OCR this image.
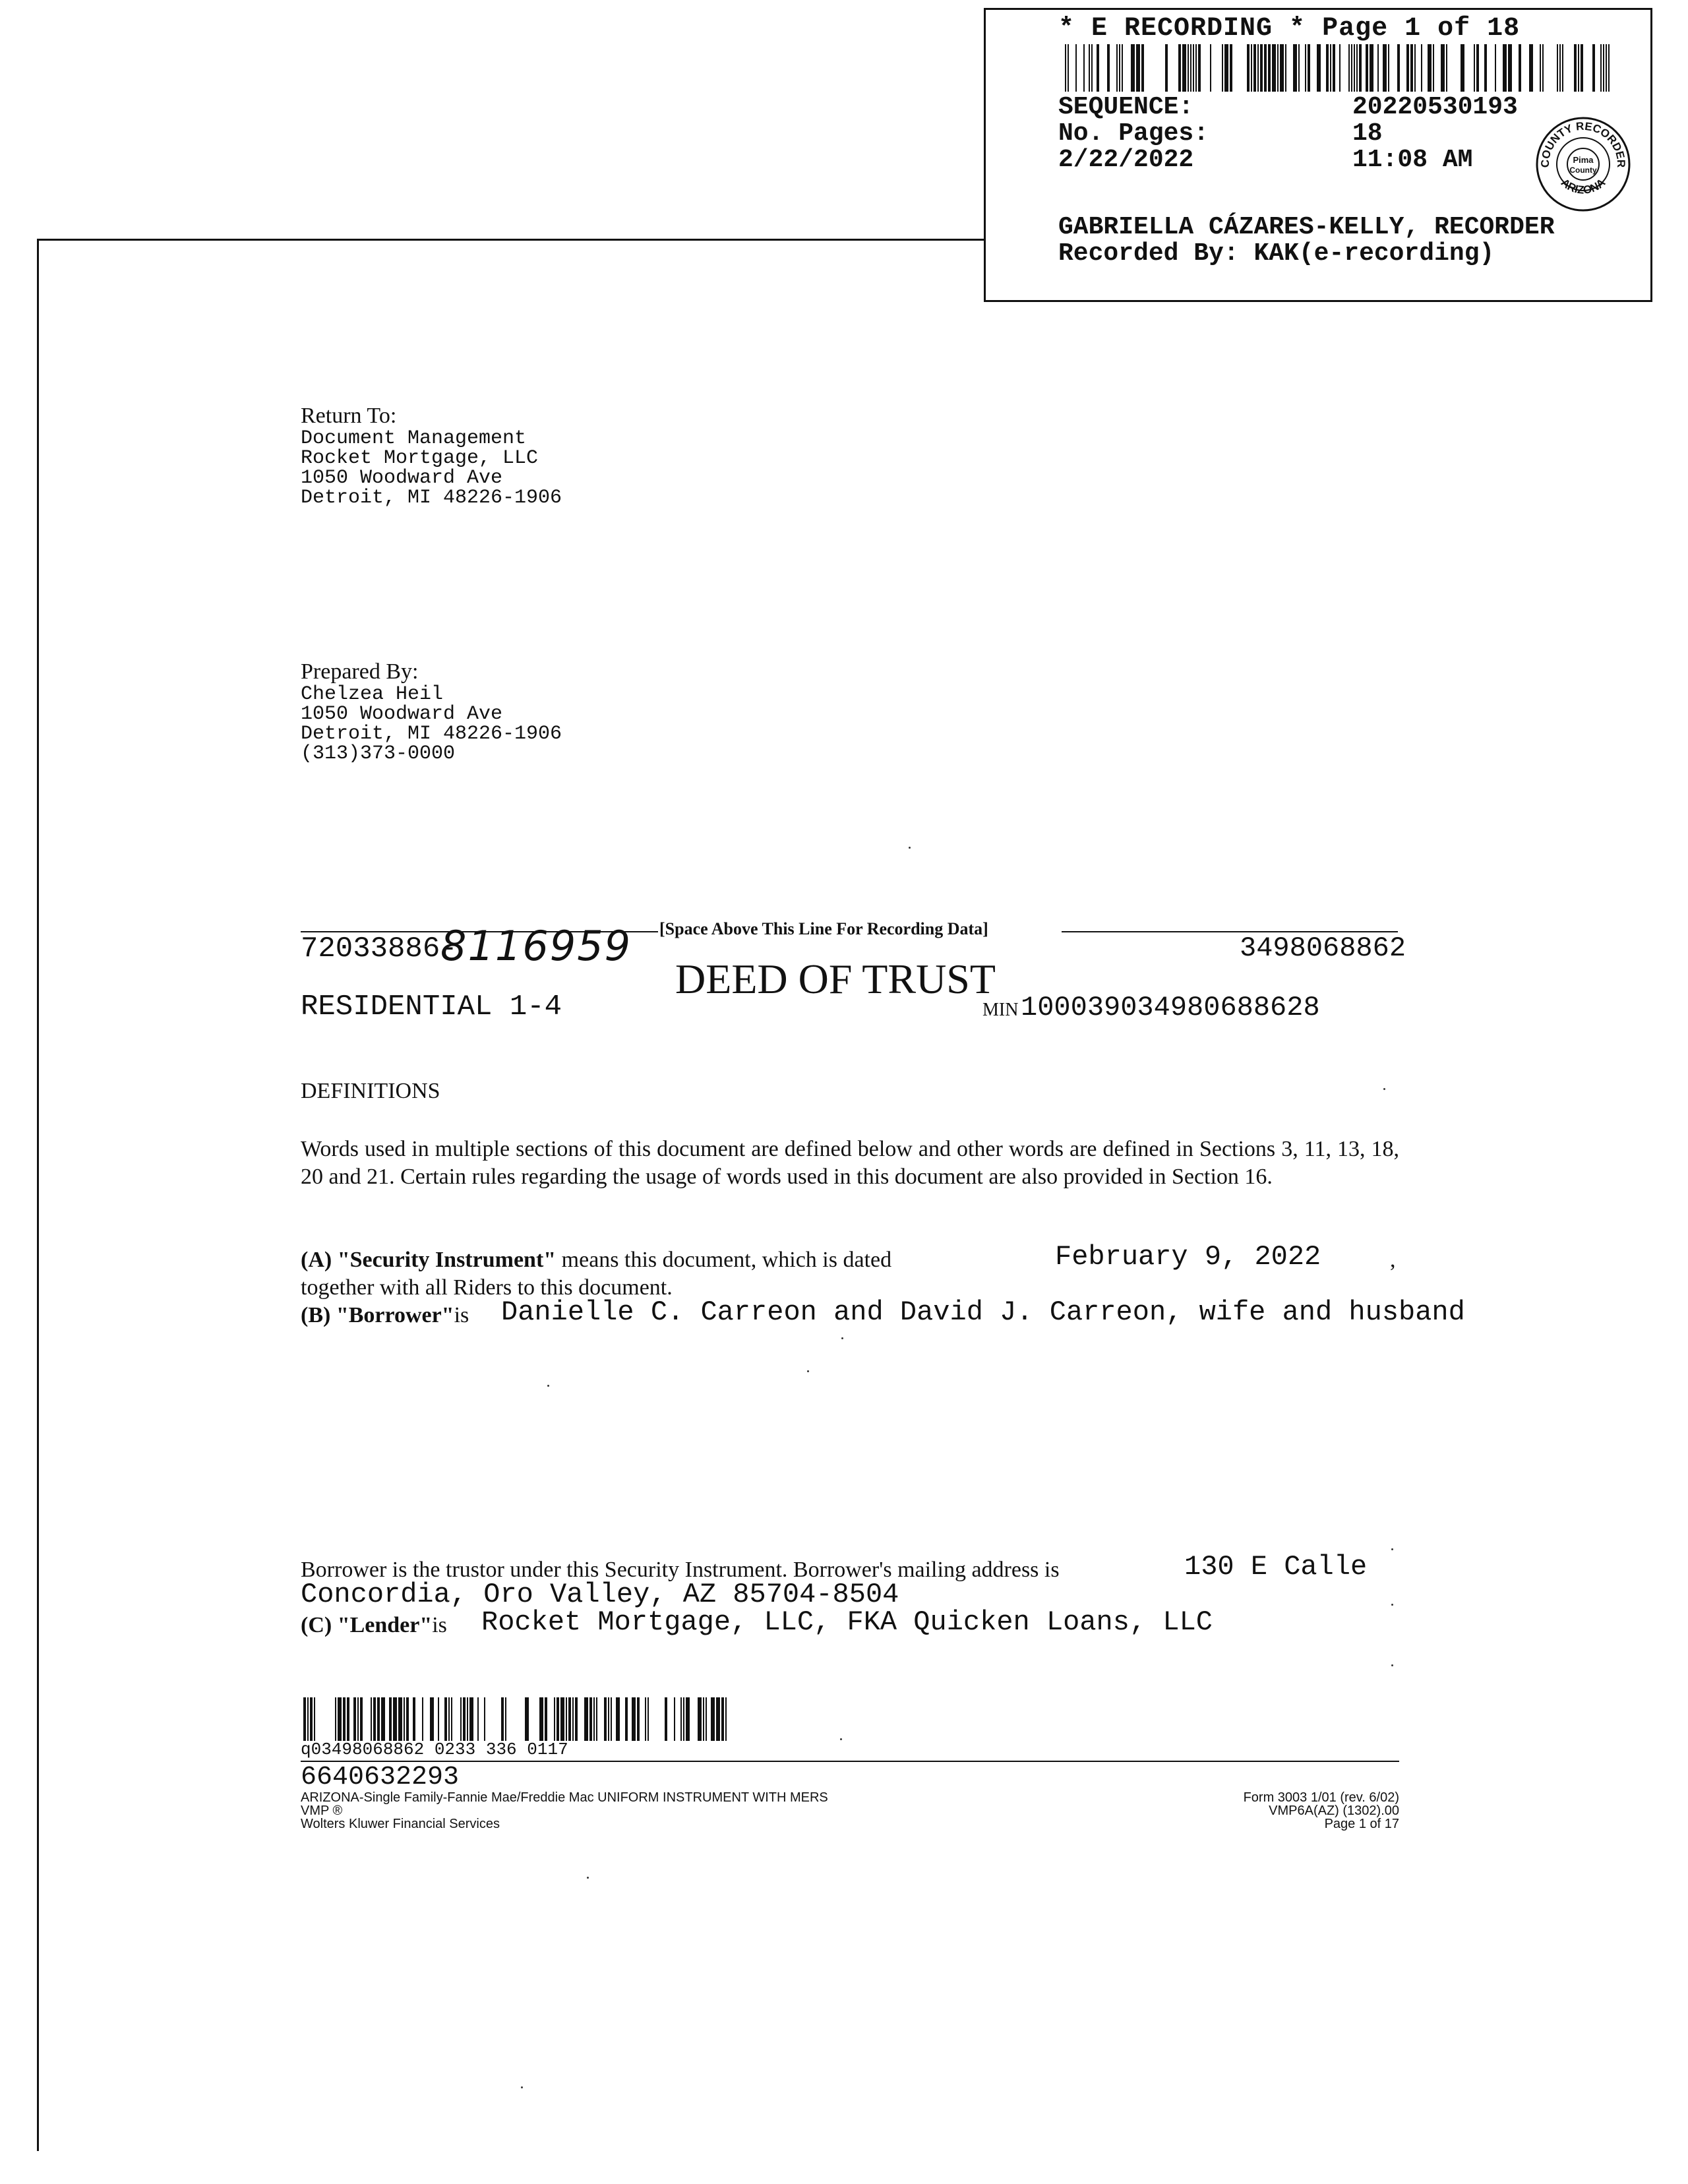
* E RECORDING * Page 1 of 18
SEQUENCE:	20220530193
No. Pages:	18
2/22/2022	11:08 AM	COUNTY RECORDER
ARIZONA
Pima
County
GABRIELLA CÁZARES-KELLY, RECORDER
Recorded By: KAK(e-recording)
Return To:
Document Management
Rocket Mortgage, LLC
1050 Woodward Ave
Detroit, MI 48226-1906
Prepared By:
Chelzea Heil
1050 Woodward Ave
Detroit, MI 48226-1906
(313)373-0000
[Space Above This Line For Recording Data]
72033886-
8116959	3498068862
RESIDENTIAL 1-4
DEED OF TRUST
MIN 100039034980688628
DEFINITIONS
Words used in multiple sections of this document are defined below and other words are defined in Sections 3, 11, 13, 18, 20 and 21. Certain rules regarding the usage of words used in this document are also provided in Section 16.
(A) "Security Instrument" means this document, which is dated	February 9, 2022	,
together with all Riders to this document.
(B) "Borrower"is Danielle C. Carreon and David J. Carreon, wife and husband
Borrower is the trustor under this Security Instrument. Borrower's mailing address is	130 E Calle
Concordia, Oro Valley, AZ 85704-8504
(C) "Lender"is Rocket Mortgage, LLC, FKA Quicken Loans, LLC
q03498068862 0233 336 0117
6640632293
ARIZONA-Single Family-Fannie Mae/Freddie Mac UNIFORM INSTRUMENT WITH MERS
VMP ®
Wolters Kluwer Financial Services
Form 3003 1/01 (rev. 6/02)
VMP6A(AZ) (1302).00
Page 1 of 17
